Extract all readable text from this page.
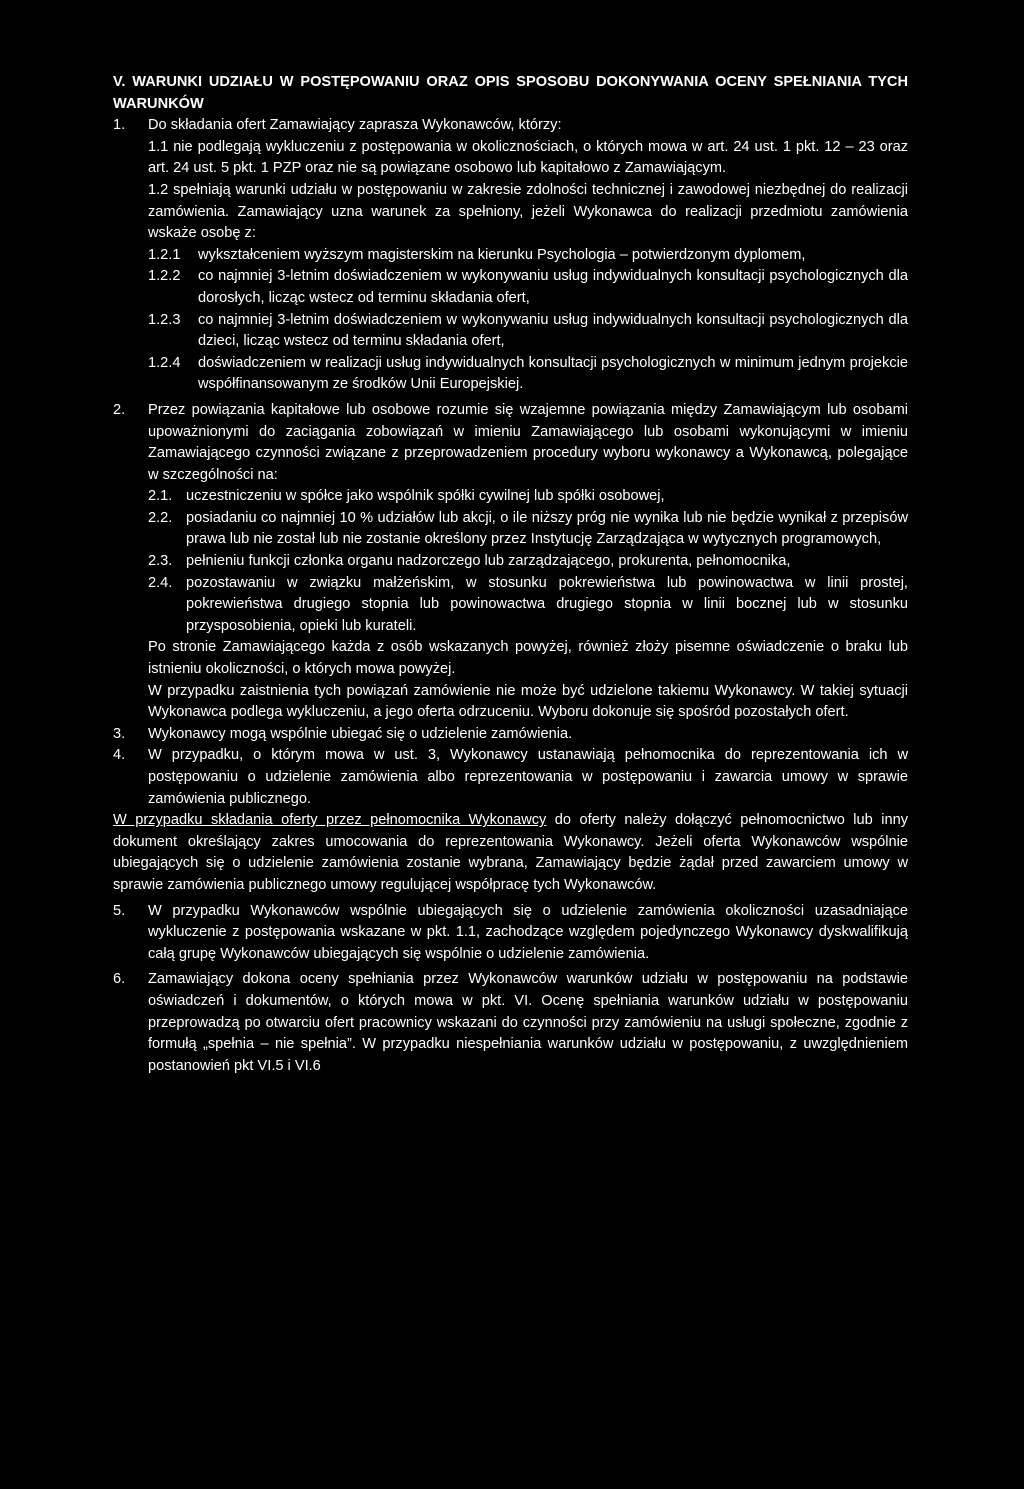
V. WARUNKI UDZIAŁU W POSTĘPOWANIU ORAZ OPIS SPOSOBU DOKONYWANIA OCENY SPEŁNIANIA TYCH WARUNKÓW
1.	Do składania ofert Zamawiający zaprasza Wykonawców, którzy:
1.1 nie podlegają wykluczeniu z postępowania w okolicznościach, o których mowa w art. 24 ust. 1 pkt. 12 – 23 oraz art. 24 ust. 5 pkt. 1 PZP oraz nie są powiązane osobowo lub kapitałowo z Zamawiającym.
1.2 spełniają warunki udziału w postępowaniu w zakresie zdolności technicznej i zawodowej niezbędnej do realizacji zamówienia. Zamawiający uzna warunek za spełniony, jeżeli Wykonawca do realizacji przedmiotu zamówienia wskaże osobę z:
1.2.1	wykształceniem wyższym magisterskim na kierunku Psychologia – potwierdzonym dyplomem,
1.2.2	co najmniej 3-letnim doświadczeniem w wykonywaniu usług indywidualnych konsultacji psychologicznych dla dorosłych, licząc wstecz od terminu składania ofert,
1.2.3	co najmniej 3-letnim doświadczeniem w wykonywaniu usług indywidualnych konsultacji psychologicznych dla dzieci, licząc wstecz od terminu składania ofert,
1.2.4	doświadczeniem w realizacji usług indywidualnych konsultacji psychologicznych w minimum jednym projekcie współfinansowanym ze środków Unii Europejskiej.
2.	Przez powiązania kapitałowe lub osobowe rozumie się wzajemne powiązania między Zamawiającym lub osobami upoważnionymi do zaciągania zobowiązań w imieniu Zamawiającego lub osobami wykonującymi w imieniu Zamawiającego czynności związane z przeprowadzeniem procedury wyboru wykonawcy a Wykonawcą, polegające w szczególności na:
2.1. uczestniczeniu w spółce jako wspólnik spółki cywilnej lub spółki osobowej,
2.2. posiadaniu co najmniej 10 % udziałów lub akcji, o ile niższy próg nie wynika lub nie będzie wynikał z przepisów prawa lub nie został lub nie zostanie określony przez Instytucję Zarządzająca w wytycznych programowych,
2.3. pełnieniu funkcji członka organu nadzorczego lub zarządzającego, prokurenta, pełnomocnika,
2.4. pozostawaniu w związku małżeńskim, w stosunku pokrewieństwa lub powinowactwa w linii prostej, pokrewieństwa drugiego stopnia lub powinowactwa drugiego stopnia w linii bocznej lub w stosunku przysposobienia, opieki lub kurateli.
Po stronie Zamawiającego każda z osób wskazanych powyżej, również złoży pisemne oświadczenie o braku lub istnieniu okoliczności, o których mowa powyżej.
W przypadku zaistnienia tych powiązań zamówienie nie może być udzielone takiemu Wykonawcy. W takiej sytuacji Wykonawca podlega wykluczeniu, a jego oferta odrzuceniu. Wyboru dokonuje się spośród pozostałych ofert.
3.	Wykonawcy mogą wspólnie ubiegać się o udzielenie zamówienia.
4.	W przypadku, o którym mowa w ust. 3, Wykonawcy ustanawiają pełnomocnika do reprezentowania ich w postępowaniu o udzielenie zamówienia albo reprezentowania w postępowaniu i zawarcia umowy w sprawie zamówienia publicznego.
W przypadku składania oferty przez pełnomocnika Wykonawcy do oferty należy dołączyć pełnomocnictwo lub inny dokument określający zakres umocowania do reprezentowania Wykonawcy. Jeżeli oferta Wykonawców wspólnie ubiegających się o udzielenie zamówienia zostanie wybrana, Zamawiający będzie żądał przed zawarciem umowy w sprawie zamówienia publicznego umowy regulującej współpracę tych Wykonawców.
5.	W przypadku Wykonawców wspólnie ubiegających się o udzielenie zamówienia okoliczności uzasadniające wykluczenie z postępowania wskazane w pkt. 1.1, zachodzące względem pojedynczego Wykonawcy dyskwalifikują całą grupę Wykonawców ubiegających się wspólnie o udzielenie zamówienia.
6.	Zamawiający dokona oceny spełniania przez Wykonawców warunków udziału w postępowaniu na podstawie oświadczeń i dokumentów, o których mowa w pkt. VI. Ocenę spełniania warunków udziału w postępowaniu przeprowadzą po otwarciu ofert pracownicy wskazani do czynności przy zamówieniu na usługi społeczne, zgodnie z formułą „spełnia – nie spełnia”. W przypadku niespełniania warunków udziału w postępowaniu, z uwzględnieniem postanowień pkt VI.5 i VI.6
